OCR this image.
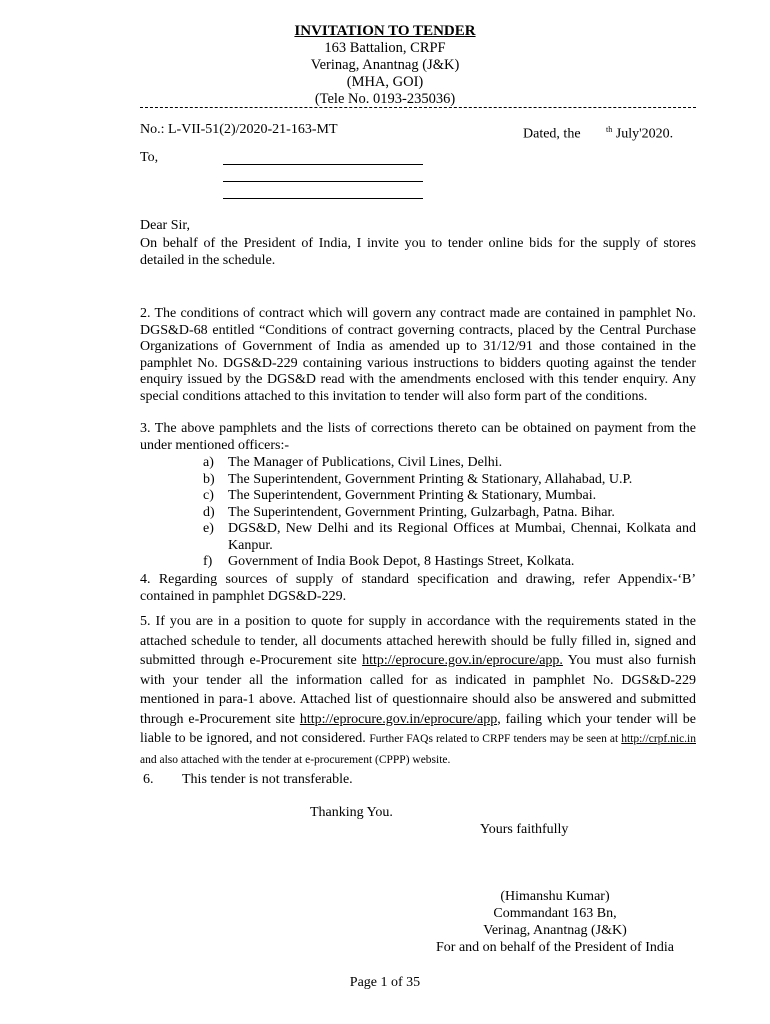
INVITATION TO TENDER
163 Battalion, CRPF
Verinag, Anantnag (J&K)
(MHA, GOI)
(Tele No. 0193-235036)
No.: L-VII-51(2)/2020-21-163-MT	Dated, the	$^{th}$ July'2020.
To,
Dear Sir,
On behalf of the President of India, I invite you to tender online bids for the supply of stores detailed in the schedule.
2. The conditions of contract which will govern any contract made are contained in pamphlet No. DGS&D-68 entitled “Conditions of contract governing contracts, placed by the Central Purchase Organizations of Government of India as amended up to 31/12/91 and those contained in the pamphlet No. DGS&D-229 containing various instructions to bidders quoting against the tender enquiry issued by the DGS&D read with the amendments enclosed with this tender enquiry. Any special conditions attached to this invitation to tender will also form part of the conditions.
3. The above pamphlets and the lists of corrections thereto can be obtained on payment from the under mentioned officers:-
a)	The Manager of Publications, Civil Lines, Delhi.
b) The Superintendent, Government Printing & Stationary, Allahabad, U.P.
c)	The Superintendent, Government Printing & Stationary, Mumbai.
d) The Superintendent, Government Printing, Gulzarbagh, Patna. Bihar.
e)	DGS&D, New Delhi and its Regional Offices at Mumbai, Chennai, Kolkata and Kanpur.
f)	Government of India Book Depot, 8 Hastings Street, Kolkata.
4. Regarding sources of supply of standard specification and drawing, refer Appendix-‘B’ contained in pamphlet DGS&D-229.
5. If you are in a position to quote for supply in accordance with the requirements stated in the attached schedule to tender, all documents attached herewith should be fully filled in, signed and submitted through e-Procurement site http://eprocure.gov.in/eprocure/app. You must also furnish with your tender all the information called for as indicated in pamphlet No. DGS&D-229 mentioned in para-1 above. Attached list of questionnaire should also be answered and submitted through e-Procurement site http://eprocure.gov.in/eprocure/app, failing which your tender will be liable to be ignored, and not considered. Further FAQs related to CRPF tenders may be seen at http://crpf.nic.in and also attached with the tender at e-procurement (CPPP) website.
6. This tender is not transferable.
Thanking You.
Yours faithfully
(Himanshu Kumar)
Commandant 163 Bn,
Verinag, Anantnag (J&K)
For and on behalf of the President of India
Page 1 of 35
